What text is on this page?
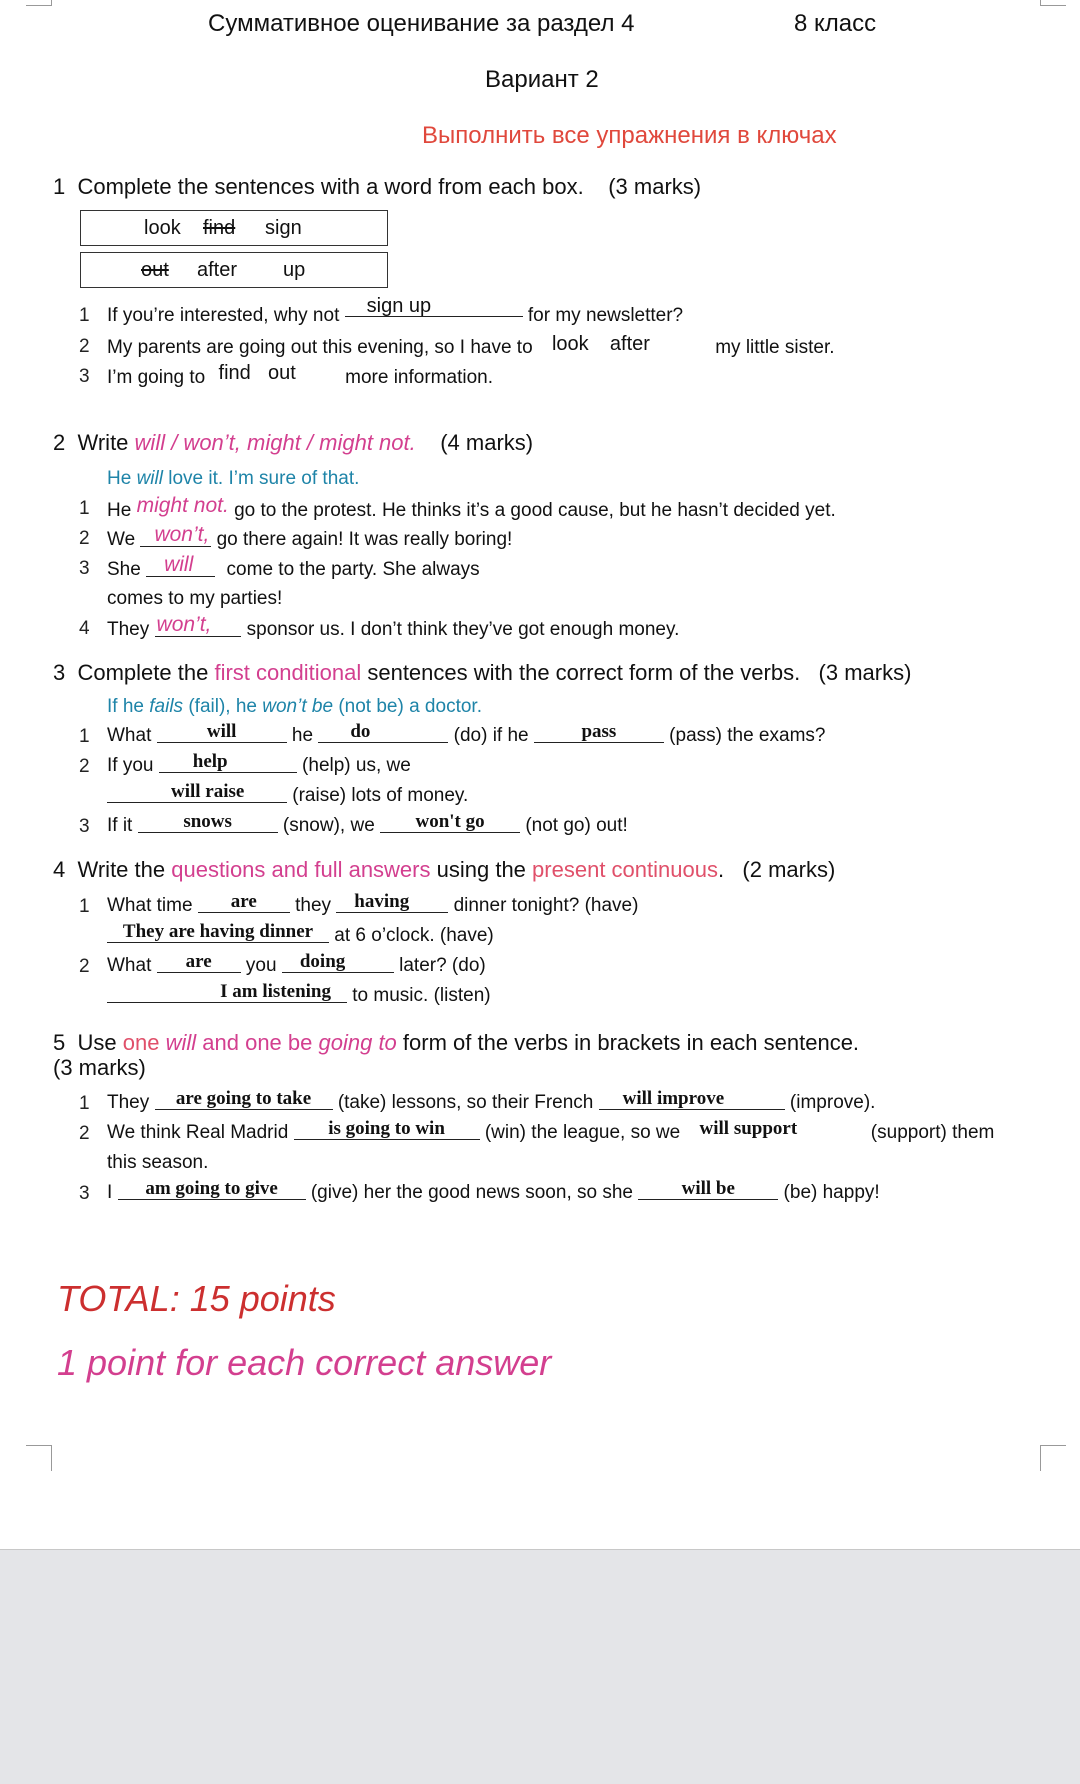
Суммативное оценивание за раздел 4	8 класс
Вариант 2
Выполнить все упражнения в ключах
1 Complete the sentences with a word from each box. (3 marks)
look find sign
out after up
1 If you’re interested, why not sign up	for my newsletter?
2 My parents are going out this evening, so I have to look after	my little sister.
3 I’m going to find out	more information.
2 Write will / won’t, might / might not. (4 marks)
He will love it. I’m sure of that.
1 He might not. go to the protest. He thinks it’s a good cause, but he hasn’t decided yet.
2 We won’t, go there again! It was really boring!
3 She will come to the party. She always
comes to my parties!
4 They won’t, sponsor us. I don’t think they’ve got enough money.
3 Complete the first conditional sentences with the correct form of the verbs. (3 marks)
If he fails (fail), he won’t be (not be) a doctor.
1 What	will	he do	(do) if he	pass	(pass) the exams?
2 If you help	(help) us, we
will raise	(raise) lots of money.
3 If it	snows	(snow), we won't go (not go) out!
4 Write the questions and full answers using the present continuous. (2 marks)
1 What time are they having dinner tonight? (have)
They are having dinner at 6 o’clock. (have)
2 What are you doing	later? (do)
I am listening to music. (listen)
5 Use one will and one be going to form of the verbs in brackets in each sentence.
(3 marks)
1 They are going to take (take) lessons, so their French will improve	(improve).
2 We think Real Madrid is going to win (win) the league, so we will support	(support) them
this season.
3 I am going to give (give) her the good news soon, so she	will be	(be) happy!
TOTAL: 15 points
1 point for each correct answer
